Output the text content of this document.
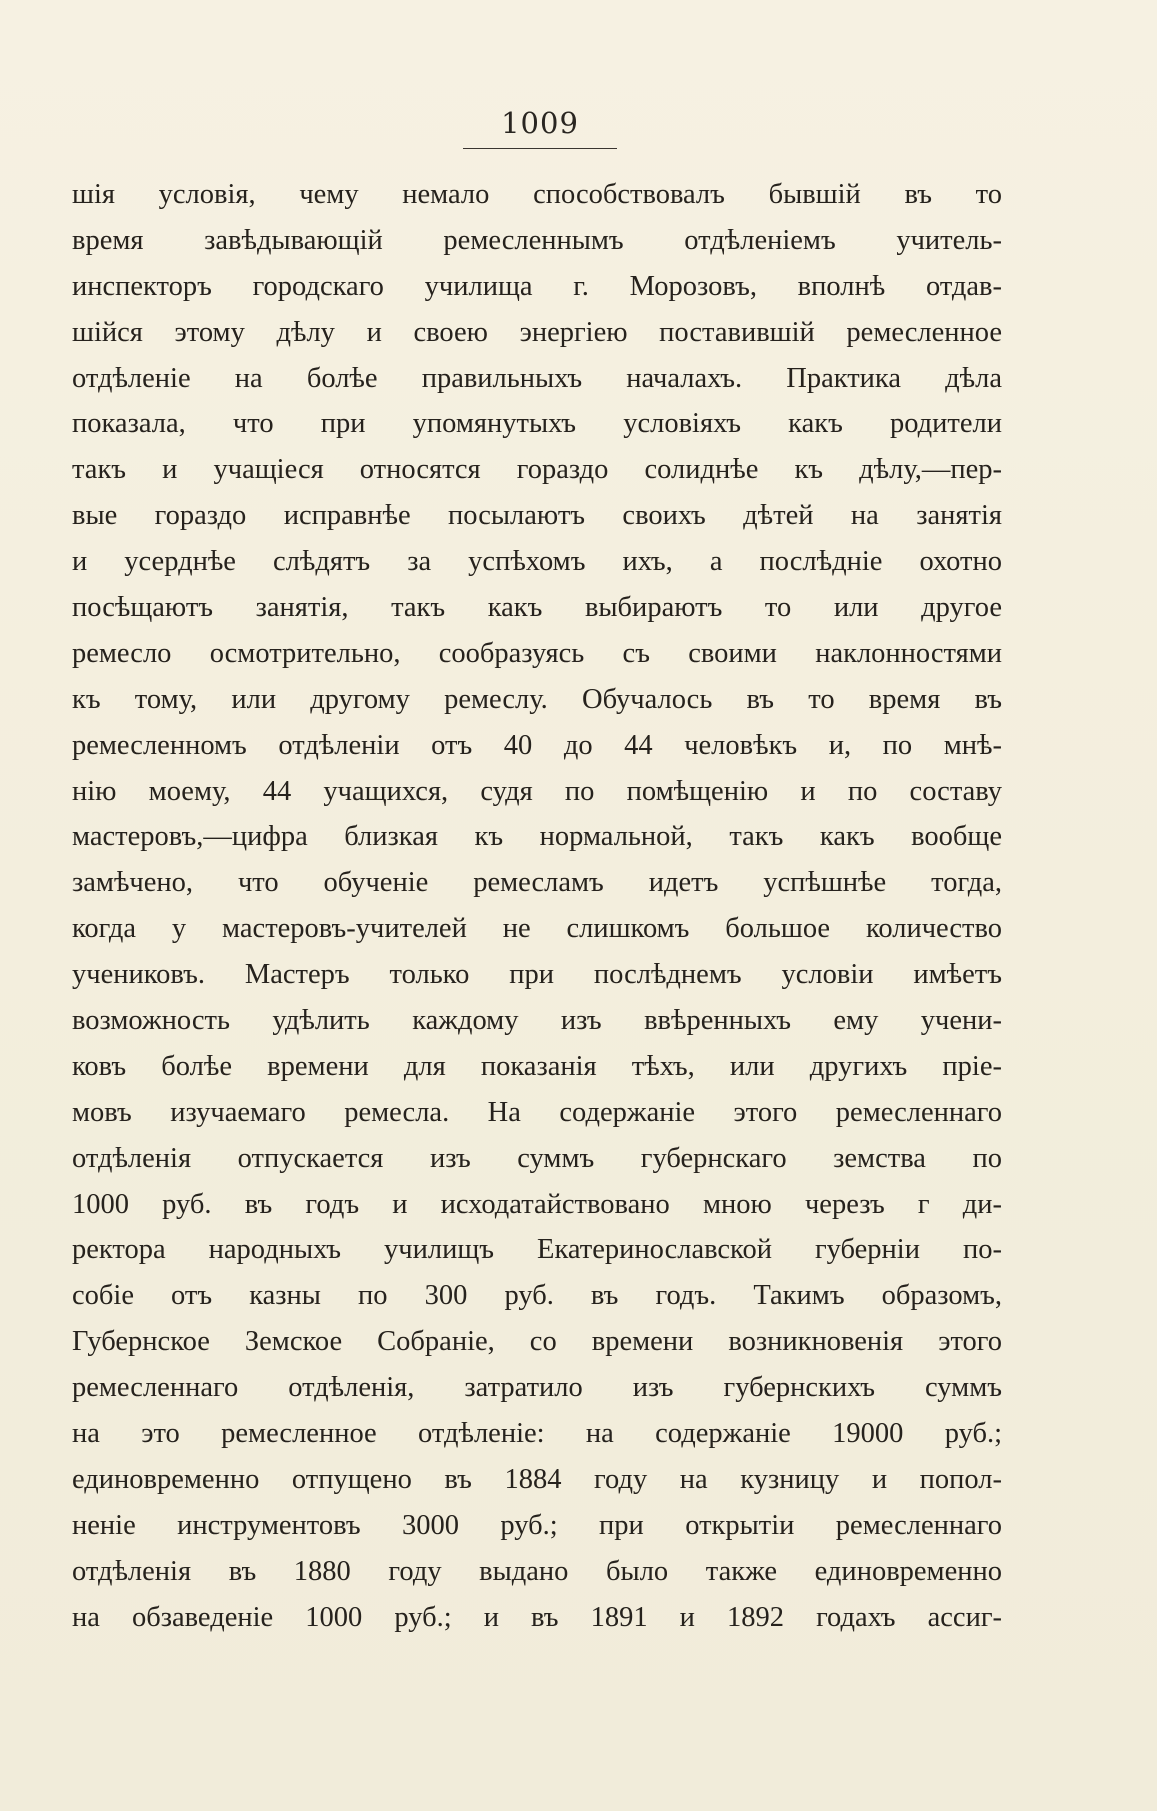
1009
шія условія, чему немало способствовалъ бывшій въ то
время завѣдывающій ремесленнымъ отдѣленіемъ учитель-
инспекторъ городскаго училища г. Морозовъ, вполнѣ отдав-
шійся этому дѣлу и своею энергіею поставившій ремесленное
отдѣленіе на болѣе правильныхъ началахъ. Практика дѣла
показала, что при упомянутыхъ условіяхъ какъ родители
такъ и учащіеся относятся гораздо солиднѣе къ дѣлу,—пер-
вые гораздо исправнѣе посылаютъ своихъ дѣтей на занятія
и усерднѣе слѣдятъ за успѣхомъ ихъ, а послѣдніе охотно
посѣщаютъ занятія, такъ какъ выбираютъ то или другое
ремесло осмотрительно, сообразуясь съ своими наклонностями
къ тому, или другому ремеслу. Обучалось въ то время въ
ремесленномъ отдѣленіи отъ 40 до 44 человѣкъ и, по мнѣ-
нію моему, 44 учащихся, судя по помѣщенію и по составу
мастеровъ,—цифра близкая къ нормальной, такъ какъ вообще
замѣчено, что обученіе ремесламъ идетъ успѣшнѣе тогда,
когда у мастеровъ-учителей не слишкомъ большое количество
учениковъ. Мастеръ только при послѣднемъ условіи имѣетъ
возможность удѣлить каждому изъ ввѣренныхъ ему учени-
ковъ болѣе времени для показанія тѣхъ, или другихъ пріе-
мовъ изучаемаго ремесла. На содержаніе этого ремесленнаго
отдѣленія отпускается изъ суммъ губернскаго земства по
1000 руб. въ годъ и исходатайствовано мною черезъ г ди-
ректора народныхъ училищъ Екатеринославской губерніи по-
собіе отъ казны по 300 руб. въ годъ. Такимъ образомъ,
Губернское Земское Собраніе, со времени возникновенія этого
ремесленнаго отдѣленія, затратило изъ губернскихъ суммъ
на это ремесленное отдѣленіе: на содержаніе 19000 руб.;
единовременно отпущено въ 1884 году на кузницу и попол-
неніе инструментовъ 3000 руб.; при открытіи ремесленнаго
отдѣленія въ 1880 году выдано было также единовременно
на обзаведеніе 1000 руб.; и въ 1891 и 1892 годахъ ассиг-
